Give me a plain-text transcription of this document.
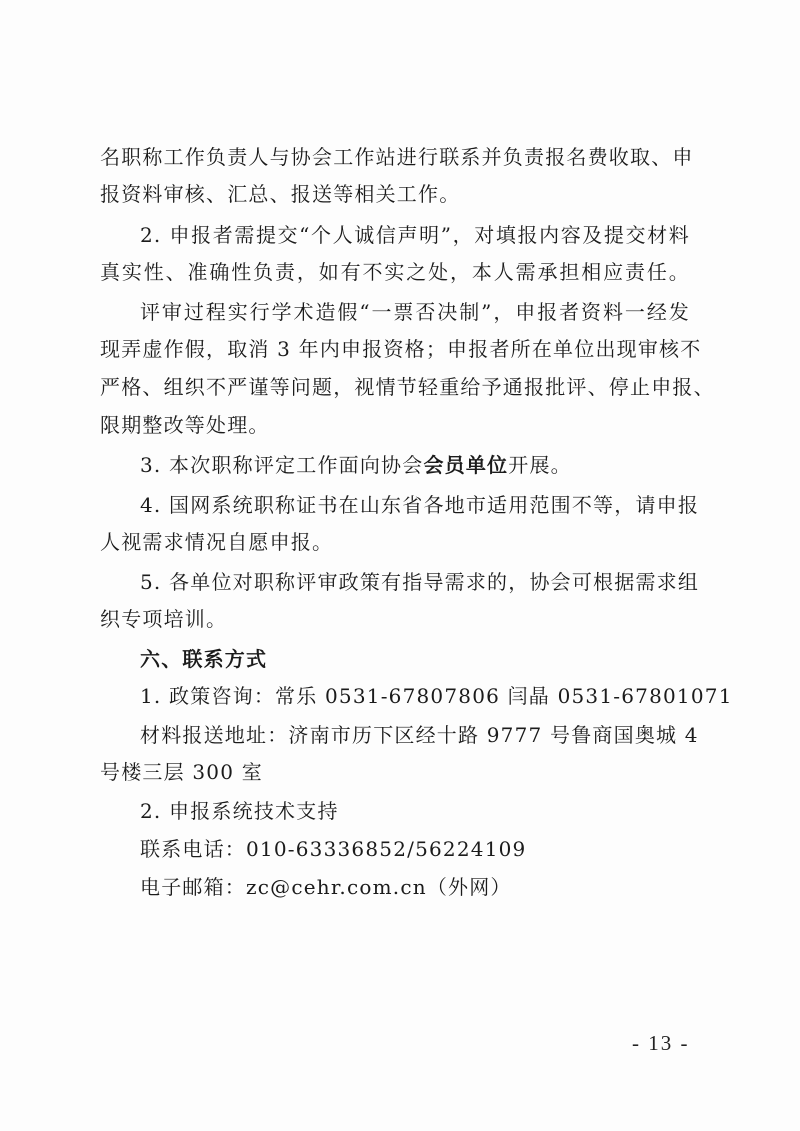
名职称工作负责人与协会工作站进行联系并负责报名费收取、申
报资料审核、汇总、报送等相关工作。
2. 申报者需提交“个人诚信声明”，对填报内容及提交材料
真实性、准确性负责，如有不实之处，本人需承担相应责任。
评审过程实行学术造假“一票否决制”，申报者资料一经发
现弄虚作假，取消 3 年内申报资格；申报者所在单位出现审核不
严格、组织不严谨等问题，视情节轻重给予通报批评、停止申报、
限期整改等处理。
3. 本次职称评定工作面向协会会员单位开展。
4. 国网系统职称证书在山东省各地市适用范围不等，请申报
人视需求情况自愿申报。
5. 各单位对职称评审政策有指导需求的，协会可根据需求组
织专项培训。
六、联系方式
1. 政策咨询：常乐 0531-67807806 闫晶 0531-67801071
材料报送地址：济南市历下区经十路 9777 号鲁商国奥城 4
号楼三层 300 室
2. 申报系统技术支持
联系电话：010-63336852/56224109
电子邮箱：zc@cehr.com.cn（外网）
- 13 -
